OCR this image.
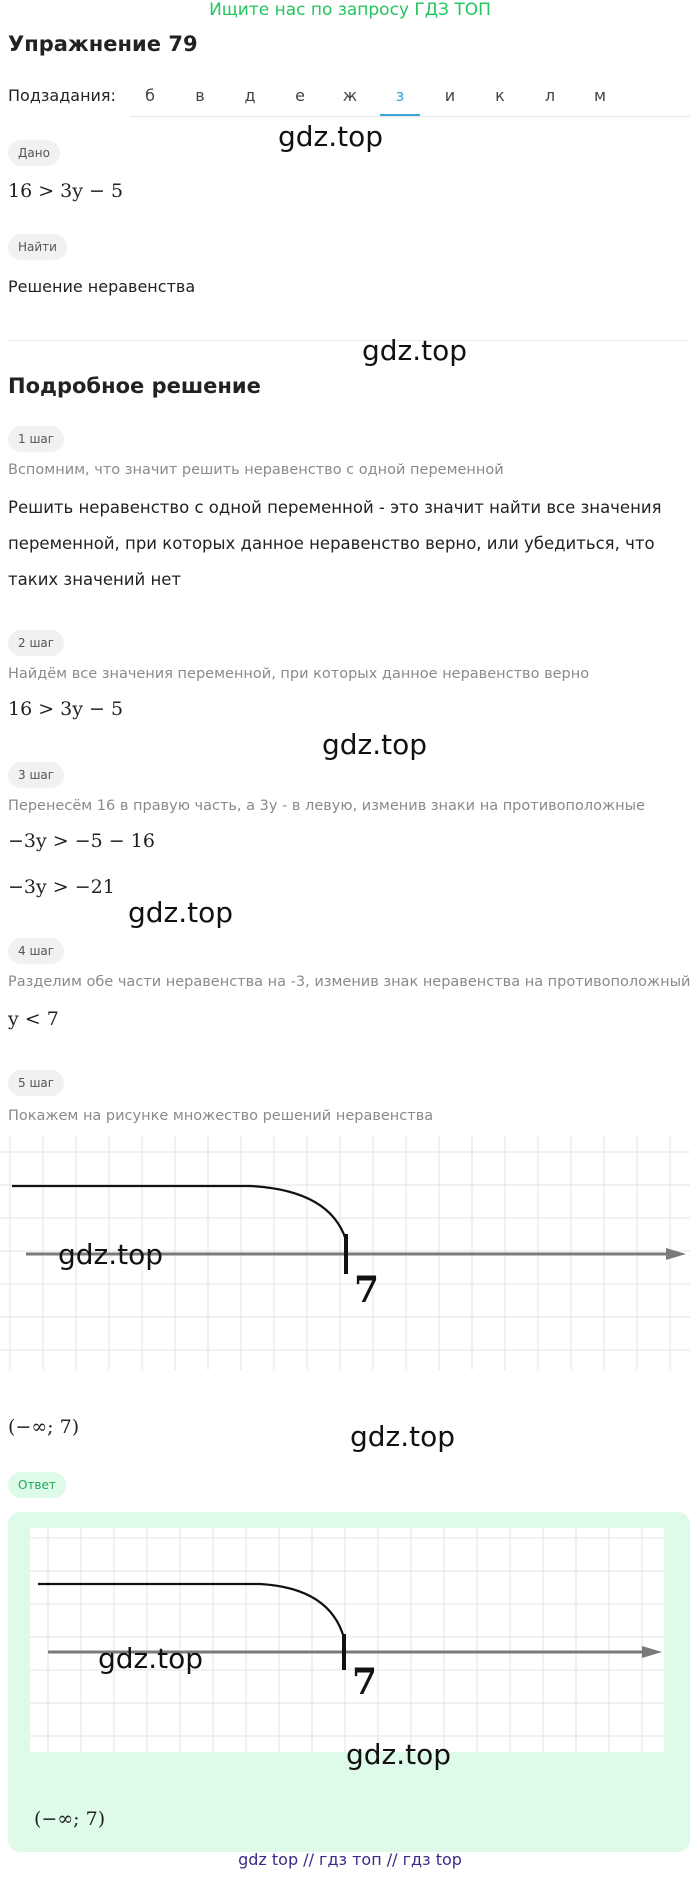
Ищите нас по запросу ГДЗ ТОП
Упражнение 79
Подзадания:	б	в	д	е	ж	з	и	к	л	м
Дано
16 > 3y − 5
gdz.top
Найти
Решение неравенства
gdz.top
Подробное решение
1 шаг
Вспомним, что значит решить неравенство с одной переменной
Решить неравенство с одной переменной - это значит найти все значения
переменной, при которых данное неравенство верно, или убедиться, что
таких значений нет
2 шаг
Найдём все значения переменной, при которых данное неравенство верно
16 > 3y − 5
gdz.top
3 шаг
Перенесём 16 в правую часть, а 3y - в левую, изменив знаки на противоположные
−3y > −5 − 16
−3y > −21
gdz.top
4 шаг
Разделим обе части неравенства на -3, изменив знак неравенства на противоположный
y < 7
5 шаг
Покажем на рисунке множество решений неравенства
7
gdz.top
(−∞; 7)	gdz.top
Ответ
7
gdz.top
gdz.top
(−∞; 7)
gdz top // гдз топ // гдз top
